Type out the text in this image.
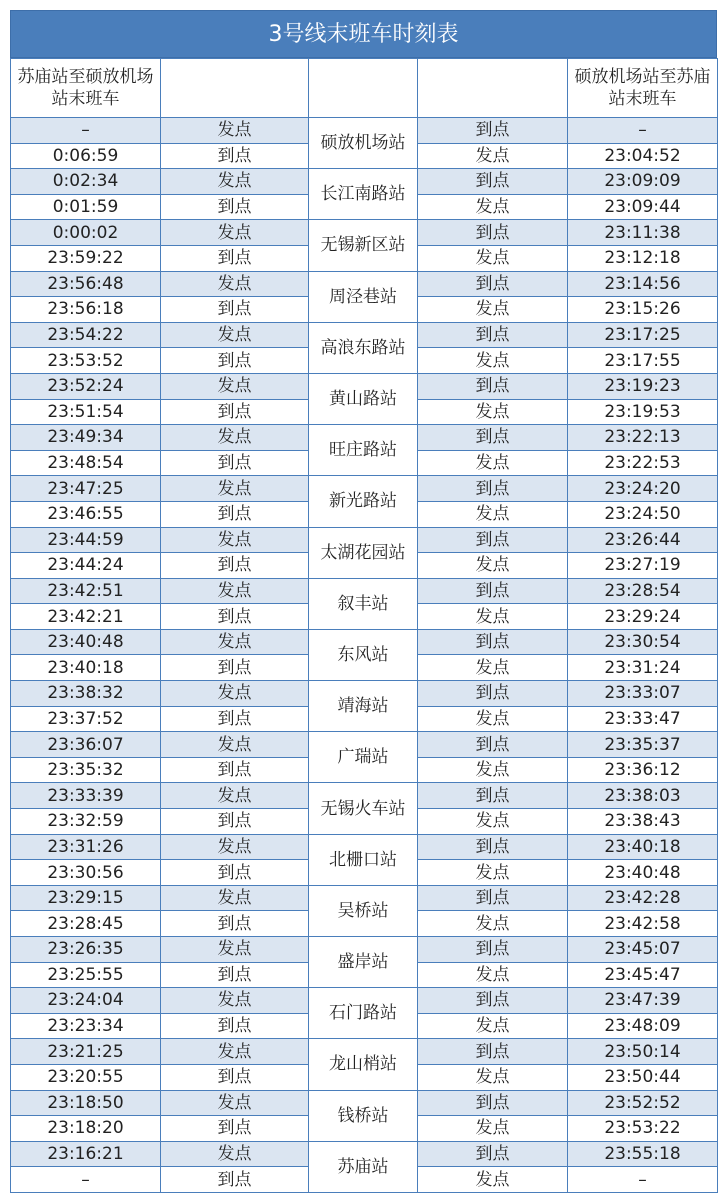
3号线末班车时刻表
苏庙站至硕放机场站末班车				硕放机场站至苏庙站末班车
–	发点	硕放机场站	到点	–
0:06:59	到点		发点	23:04:52
0:02:34	发点	长江南路站	到点	23:09:09
0:01:59	到点		发点	23:09:44
0:00:02	发点	无锡新区站	到点	23:11:38
23:59:22	到点		发点	23:12:18
23:56:48	发点	周泾巷站	到点	23:14:56
23:56:18	到点		发点	23:15:26
23:54:22	发点	高浪东路站	到点	23:17:25
23:53:52	到点		发点	23:17:55
23:52:24	发点	黄山路站	到点	23:19:23
23:51:54	到点		发点	23:19:53
23:49:34	发点	旺庄路站	到点	23:22:13
23:48:54	到点		发点	23:22:53
23:47:25	发点	新光路站	到点	23:24:20
23:46:55	到点		发点	23:24:50
23:44:59	发点	太湖花园站	到点	23:26:44
23:44:24	到点		发点	23:27:19
23:42:51	发点	叙丰站	到点	23:28:54
23:42:21	到点		发点	23:29:24
23:40:48	发点	东风站	到点	23:30:54
23:40:18	到点		发点	23:31:24
23:38:32	发点	靖海站	到点	23:33:07
23:37:52	到点		发点	23:33:47
23:36:07	发点	广瑞站	到点	23:35:37
23:35:32	到点		发点	23:36:12
23:33:39	发点	无锡火车站	到点	23:38:03
23:32:59	到点		发点	23:38:43
23:31:26	发点	北栅口站	到点	23:40:18
23:30:56	到点		发点	23:40:48
23:29:15	发点	吴桥站	到点	23:42:28
23:28:45	到点		发点	23:42:58
23:26:35	发点	盛岸站	到点	23:45:07
23:25:55	到点		发点	23:45:47
23:24:04	发点	石门路站	到点	23:47:39
23:23:34	到点		发点	23:48:09
23:21:25	发点	龙山梢站	到点	23:50:14
23:20:55	到点		发点	23:50:44
23:18:50	发点	钱桥站	到点	23:52:52
23:18:20	到点		发点	23:53:22
23:16:21	发点	苏庙站	到点	23:55:18
–	到点		发点	–
